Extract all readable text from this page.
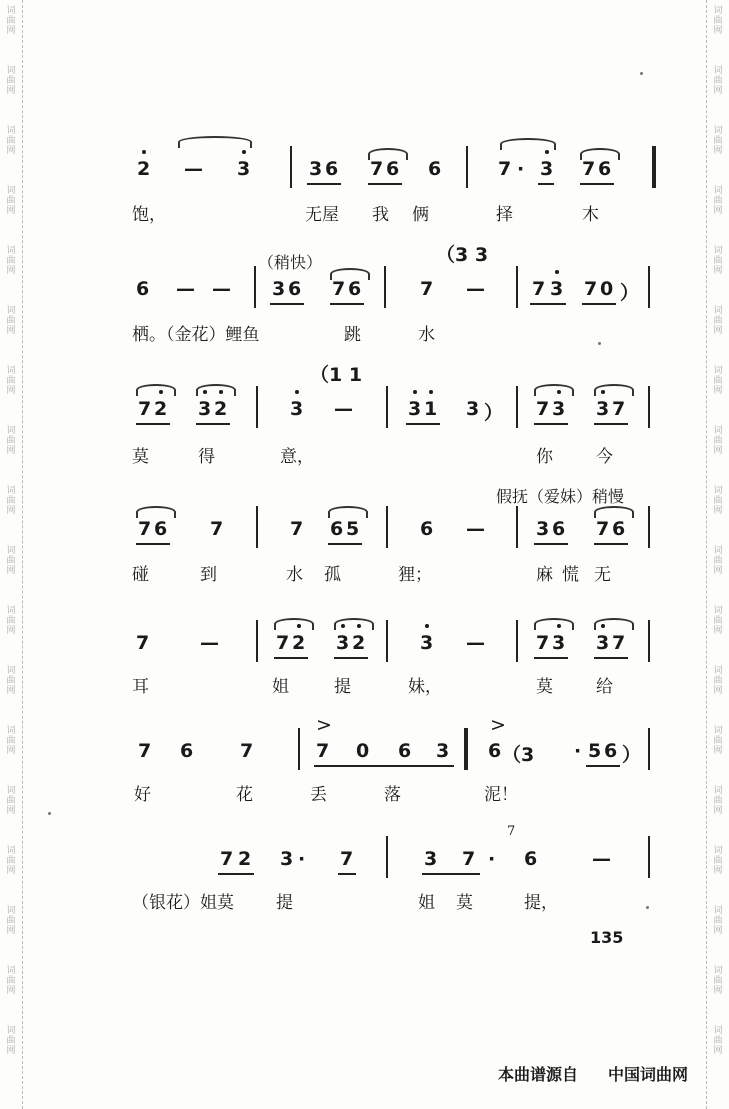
词
曲
网
词
曲
网
词
曲
网
词
曲
网
词
曲
网
词
曲
网
词
曲
网
词
曲
网
词
曲
网
词
曲
网
词
曲
网
词
曲
网
词
曲
网
词
曲
网
词
曲
网
词
曲
网
词
曲
网
词
曲
网
词
曲
网
词
曲
网
词
曲
网
词
曲
网
词
曲
网
词
曲
网
词
曲
网
词
曲
网
词
曲
网
词
曲
网
词
曲
网
词
曲
网
词
曲
网
词
曲
网
词
曲
网
词
曲
网
词
曲
网
词
曲
网
2 — 3	3 6 7 6 6	7 · 3 7 6
饱，	无屋 我 俩	择	木
（稍快）	（3 3
6 — — 3 6 7 6	7 — 7 3 7 0 ）
栖。（金花）鲤鱼	跳	水
（1 1
7 2 3 2	3 —	3 1 3 ） 7 3 3 7
莫	得	意，	你	今
假抚（爱妹）稍慢
7 6 7	7 6 5	6 —	3 6 7 6
碰	到	水 孤	狸；	麻 慌 无
7	—	7 2 3 2	3 —	7 3 3 7
耳	姐	提	妹，	莫	给
>	>
7 6 7	7 0 6 3 6 （3 · 5 6 ）
好	花	丢	落	泥！
7
7 2 3 · 7	3 7 · 6	—
（银花）姐莫 提	姐 莫	提，
135
本曲谱源自 中国词曲网
